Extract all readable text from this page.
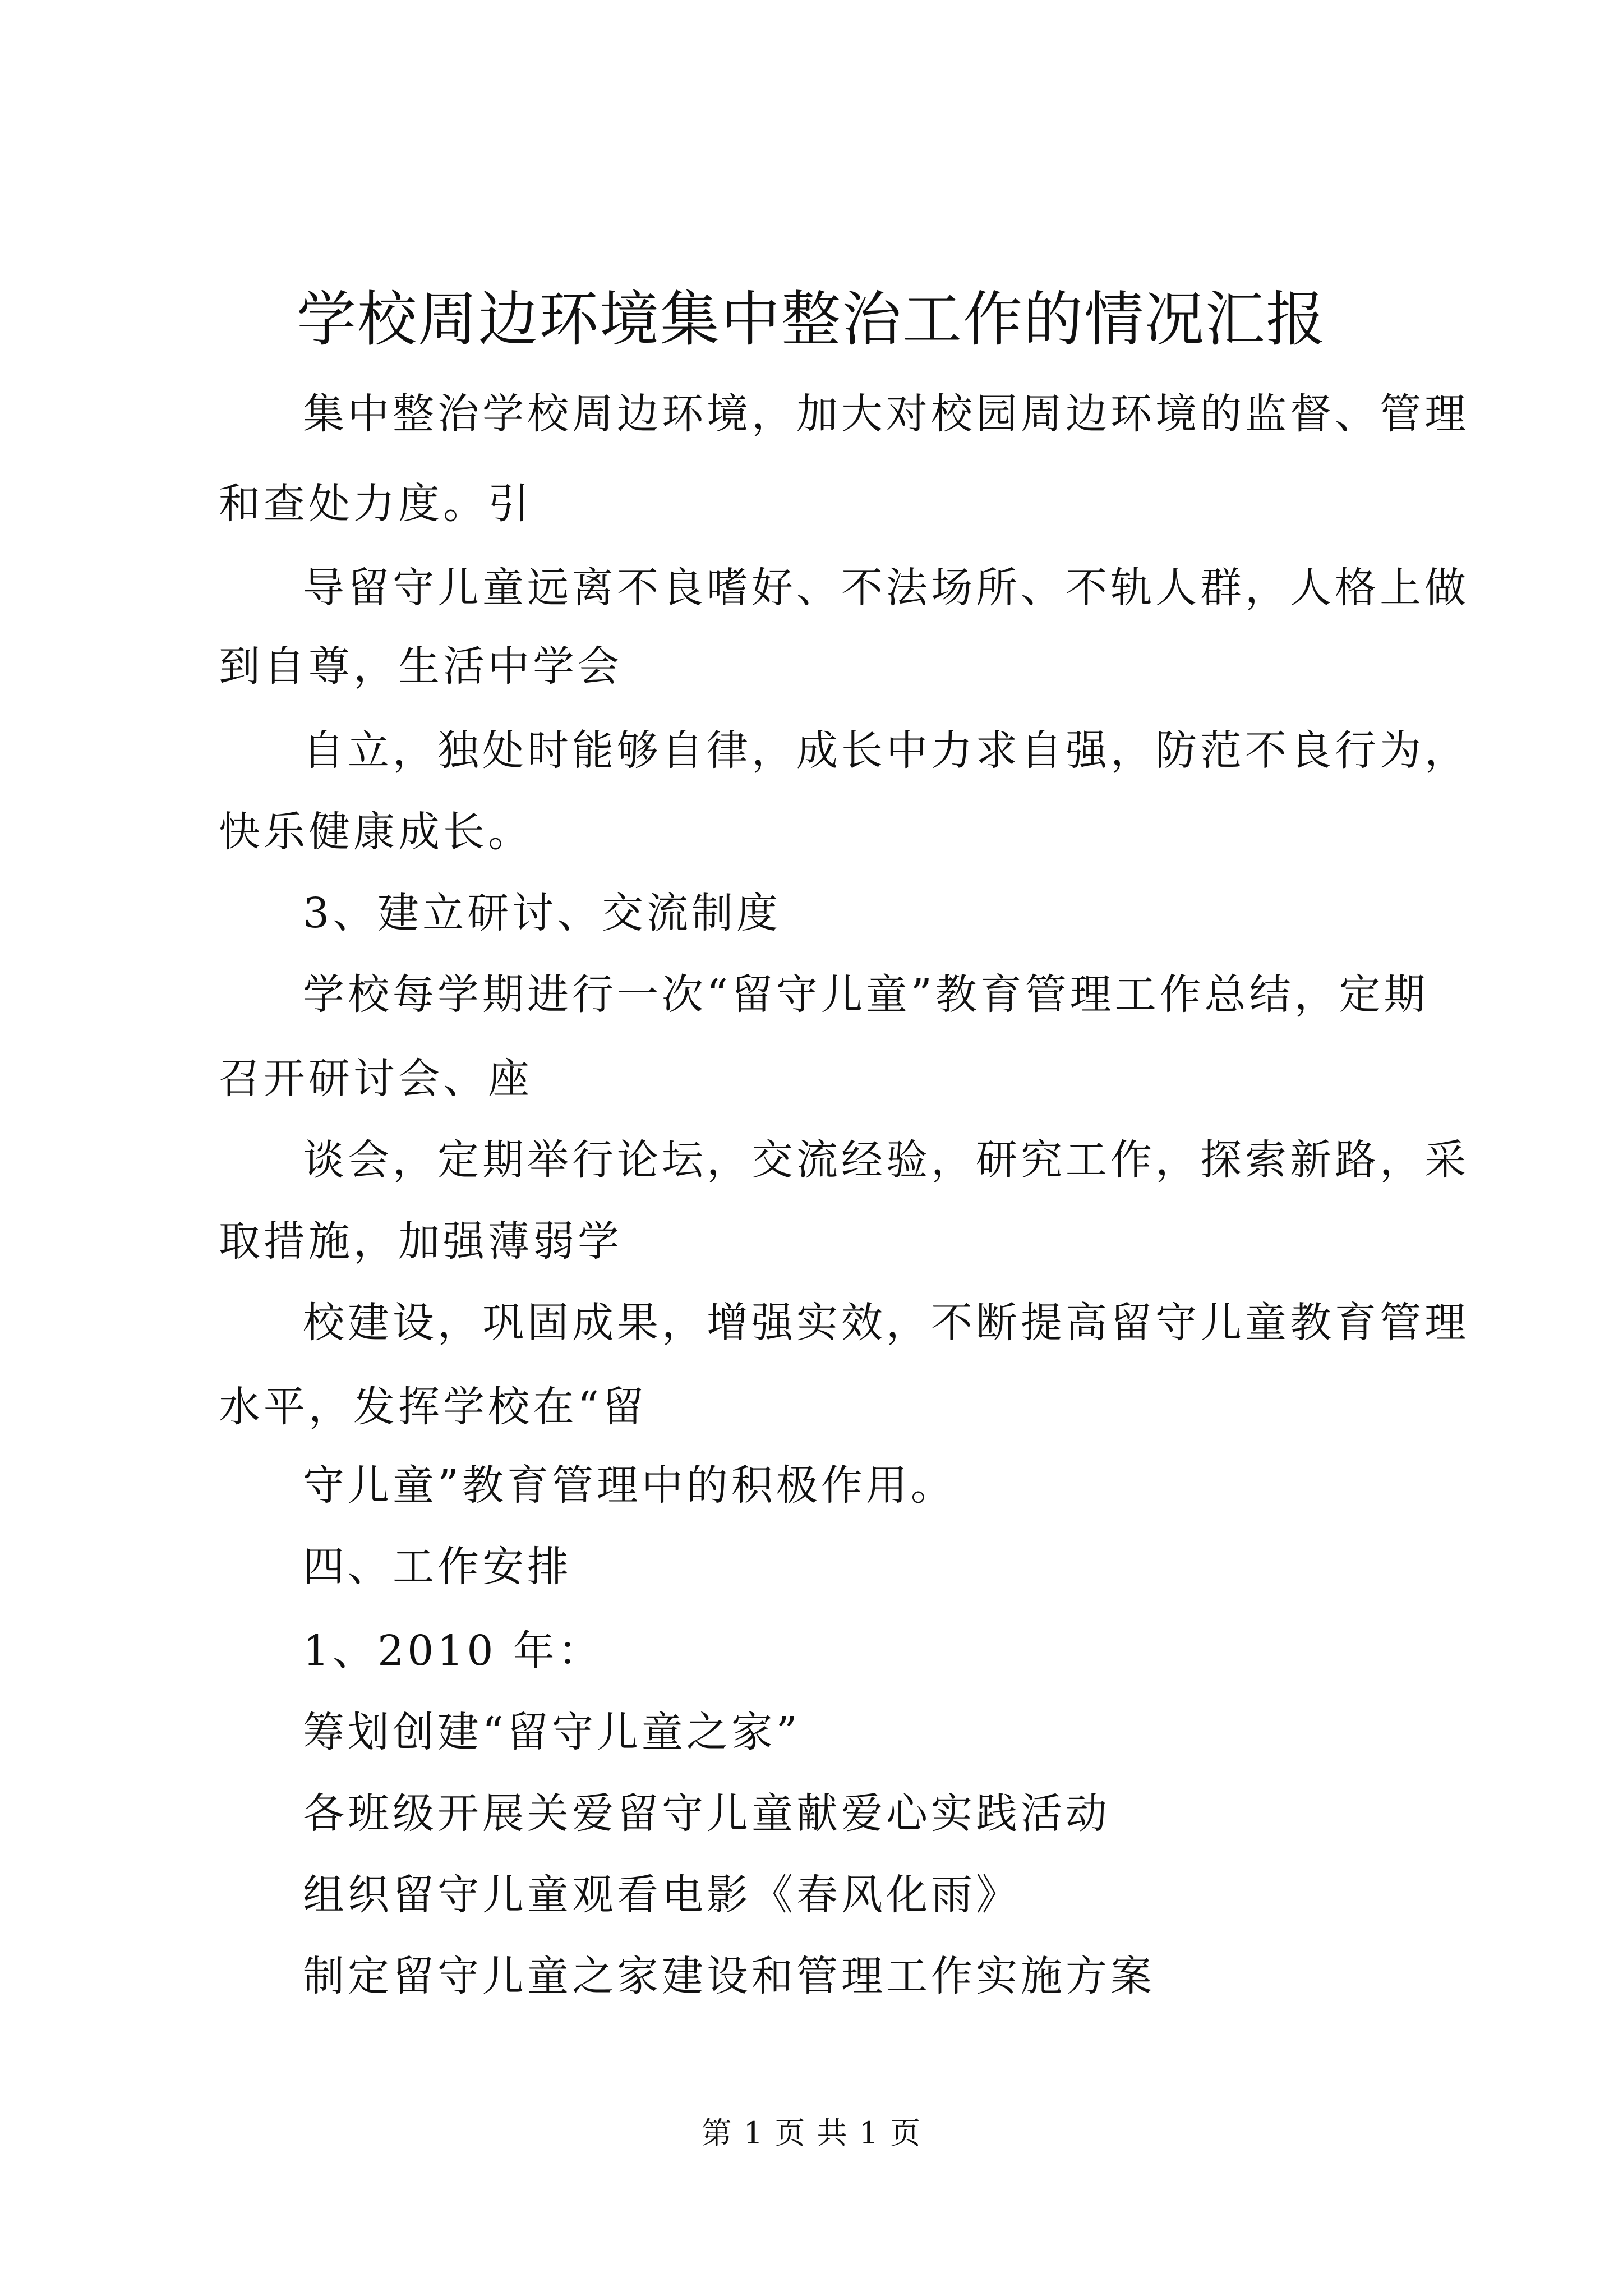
学校周边环境集中整治工作的情况汇报

集中整治学校周边环境，加大对校园周边环境的监督、管理

和查处力度。引

导留守儿童远离不良嗜好、不法场所、不轨人群，人格上做

到自尊，生活中学会

自立，独处时能够自律，成长中力求自强，防范不良行为，

快乐健康成长。

3、建立研讨、交流制度

学校每学期进行一次“留守儿童”教育管理工作总结，定期

召开研讨会、座

谈会，定期举行论坛，交流经验，研究工作，探索新路，采

取措施，加强薄弱学

校建设，巩固成果，增强实效，不断提高留守儿童教育管理

水平，发挥学校在“留

守儿童”教育管理中的积极作用。

四、工作安排

1、2010 年：

筹划创建“留守儿童之家”

各班级开展关爱留守儿童献爱心实践活动

组织留守儿童观看电影《春风化雨》

制定留守儿童之家建设和管理工作实施方案

第 1 页 共 1 页
